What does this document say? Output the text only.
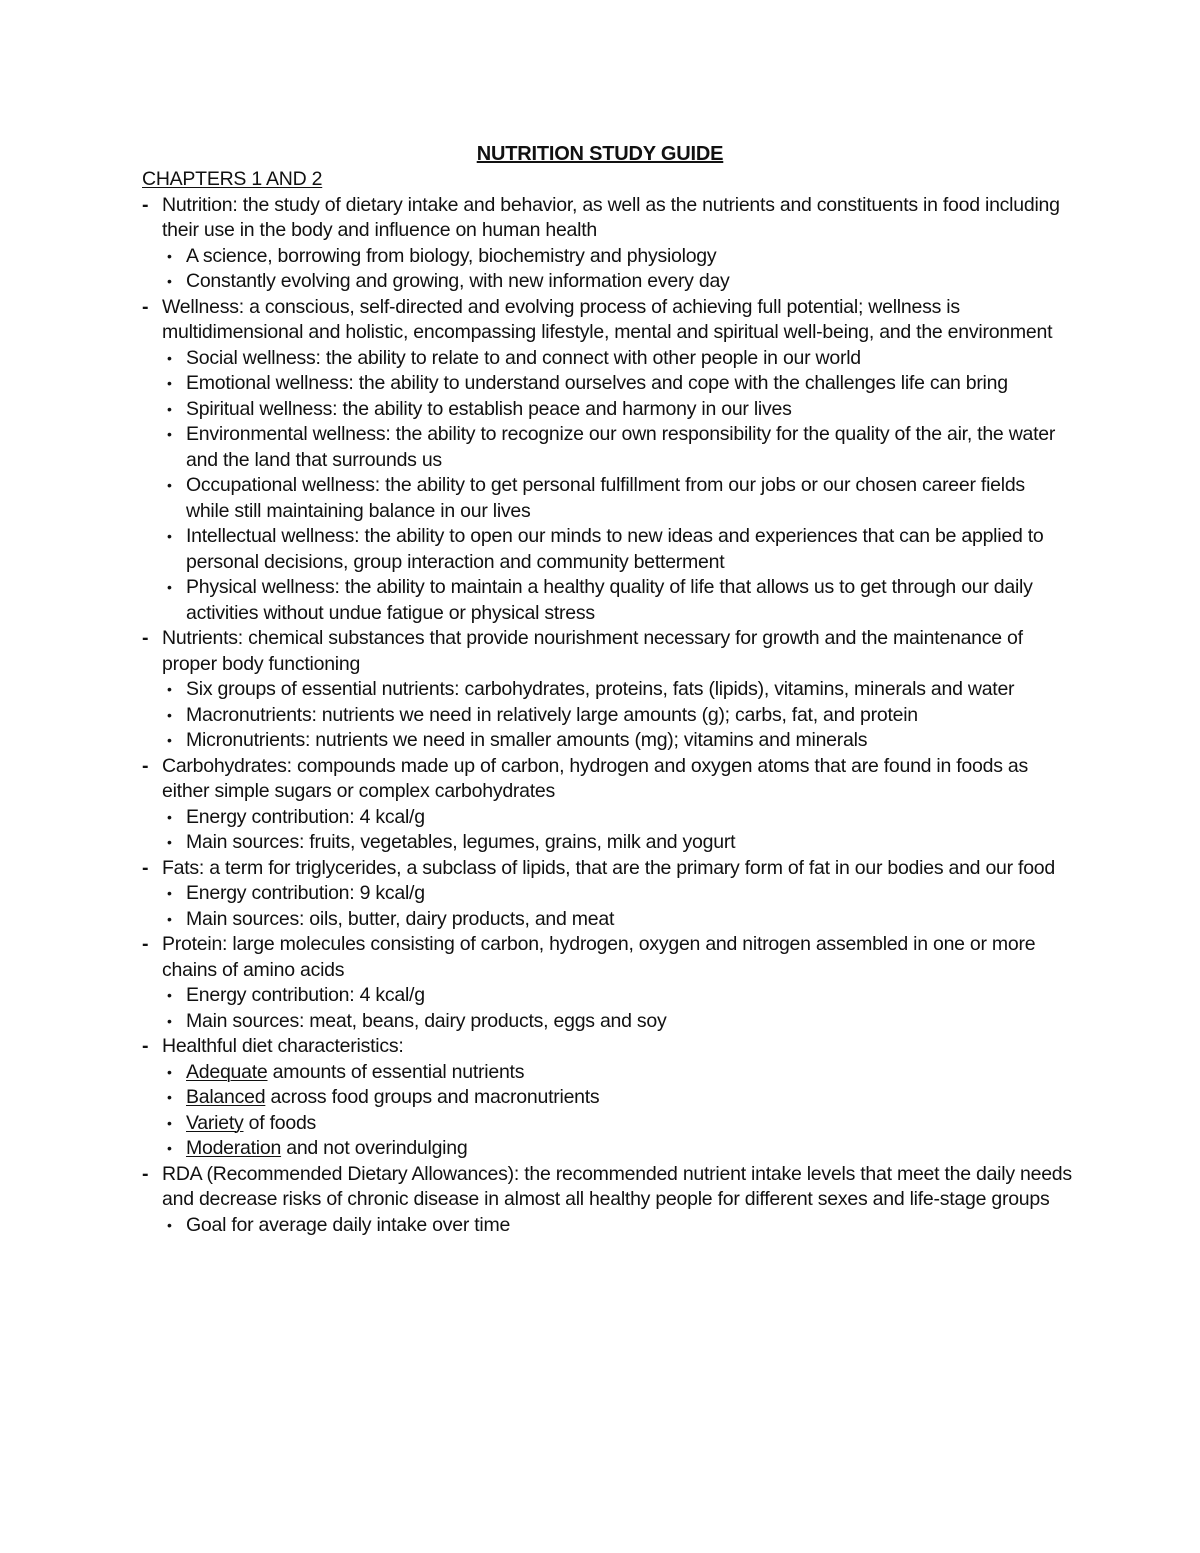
NUTRITION STUDY GUIDE
CHAPTERS 1 AND 2
- Nutrition: the study of dietary intake and behavior, as well as the nutrients and constituents in food including their use in the body and influence on human health
• A science, borrowing from biology, biochemistry and physiology
• Constantly evolving and growing, with new information every day
- Wellness: a conscious, self-directed and evolving process of achieving full potential; wellness is multidimensional and holistic, encompassing lifestyle, mental and spiritual well-being, and the environment
• Social wellness: the ability to relate to and connect with other people in our world
• Emotional wellness: the ability to understand ourselves and cope with the challenges life can bring
• Spiritual wellness: the ability to establish peace and harmony in our lives
• Environmental wellness: the ability to recognize our own responsibility for the quality of the air, the water and the land that surrounds us
• Occupational wellness: the ability to get personal fulfillment from our jobs or our chosen career fields while still maintaining balance in our lives
• Intellectual wellness: the ability to open our minds to new ideas and experiences that can be applied to personal decisions, group interaction and community betterment
• Physical wellness: the ability to maintain a healthy quality of life that allows us to get through our daily activities without undue fatigue or physical stress
- Nutrients: chemical substances that provide nourishment necessary for growth and the maintenance of proper body functioning
• Six groups of essential nutrients: carbohydrates, proteins, fats (lipids), vitamins, minerals and water
• Macronutrients: nutrients we need in relatively large amounts (g); carbs, fat, and protein
• Micronutrients: nutrients we need in smaller amounts (mg); vitamins and minerals
- Carbohydrates: compounds made up of carbon, hydrogen and oxygen atoms that are found in foods as either simple sugars or complex carbohydrates
• Energy contribution: 4 kcal/g
• Main sources: fruits, vegetables, legumes, grains, milk and yogurt
- Fats: a term for triglycerides, a subclass of lipids, that are the primary form of fat in our bodies and our food
• Energy contribution: 9 kcal/g
• Main sources: oils, butter, dairy products, and meat
- Protein: large molecules consisting of carbon, hydrogen, oxygen and nitrogen assembled in one or more chains of amino acids
• Energy contribution: 4 kcal/g
• Main sources: meat, beans, dairy products, eggs and soy
- Healthful diet characteristics:
• Adequate amounts of essential nutrients
• Balanced across food groups and macronutrients
• Variety of foods
• Moderation and not overindulging
- RDA (Recommended Dietary Allowances): the recommended nutrient intake levels that meet the daily needs and decrease risks of chronic disease in almost all healthy people for different sexes and life-stage groups
• Goal for average daily intake over time
